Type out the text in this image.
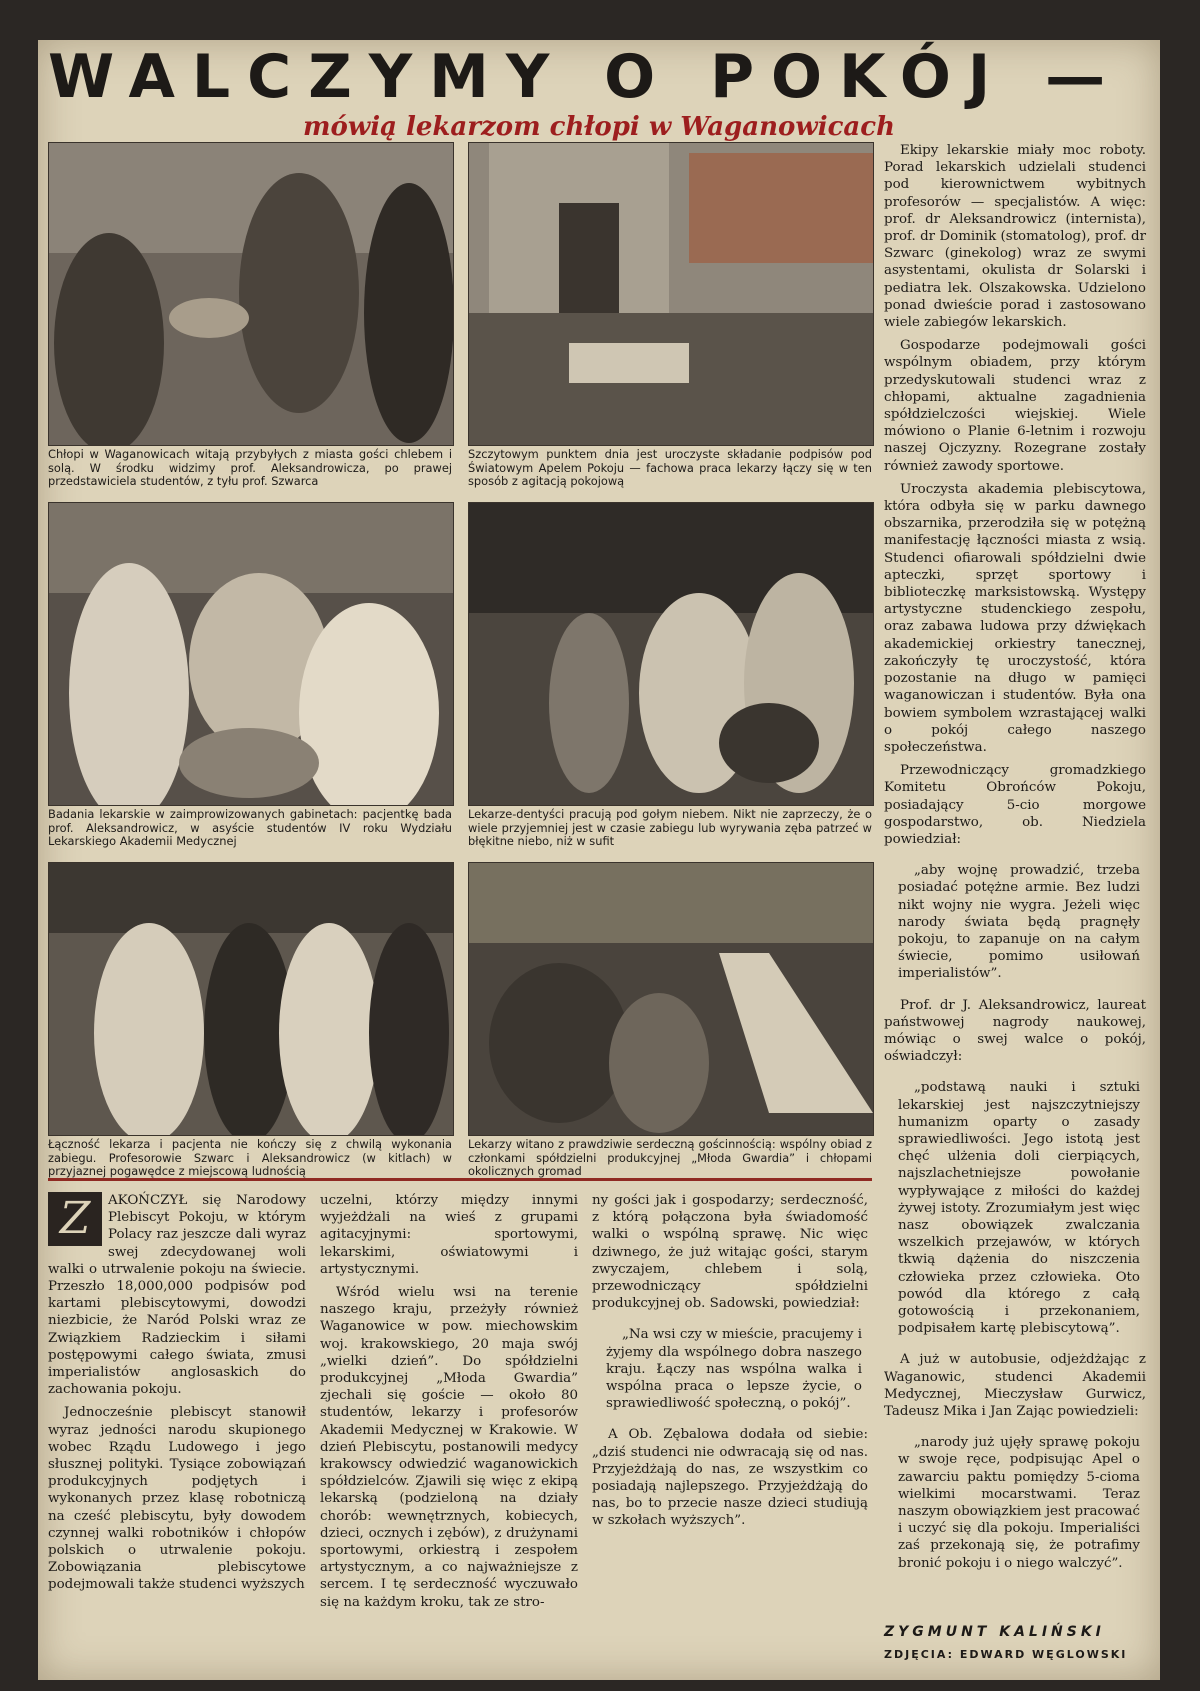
WALCZYMY O POKÓJ —
mówią lekarzom chłopi w Waganowicach
Chłopi w Waganowicach witają przybyłych z miasta gości chlebem i solą. W środku widzimy prof. Aleksandrowicza, po prawej przedstawiciela studentów, z tyłu prof. Szwarca
Szczytowym punktem dnia jest uroczyste składanie podpisów pod Światowym Apelem Pokoju — fachowa praca lekarzy łączy się w ten sposób z agitacją pokojową
Badania lekarskie w zaimprowizowanych gabinetach: pacjentkę bada prof. Aleksandrowicz, w asyście studentów IV roku Wydziału Lekarskiego Akademii Medycznej
Lekarze-dentyści pracują pod gołym niebem. Nikt nie zaprzeczy, że o wiele przyjemniej jest w czasie zabiegu lub wyrywania zęba patrzeć w błękitne niebo, niż w sufit
Łączność lekarza i pacjenta nie kończy się z chwilą wykonania zabiegu. Profesorowie Szwarc i Aleksandrowicz (w kitlach) w przyjaznej pogawędce z miejscową ludnością
Lekarzy witano z prawdziwie serdeczną gościnnością: wspólny obiad z członkami spółdzielni produkcyjnej „Młoda Gwardia” i chłopami okolicznych gromad

Ekipy lekarskie miały moc roboty. Porad lekarskich udzielali studenci pod kierownictwem wybitnych profesorów — specjalistów. A więc: prof. dr Aleksandrowicz (internista), prof. dr Dominik (stomatolog), prof. dr Szwarc (ginekolog) wraz ze swymi asystentami, okulista dr Solarski i pediatra lek. Olszakowska. Udzielono ponad dwieście porad i zastosowano wiele zabiegów lekarskich.

Gospodarze podejmowali gości wspólnym obiadem, przy którym przedyskutowali studenci wraz z chłopami, aktualne zagadnienia spółdzielczości wiejskiej. Wiele mówiono o Planie 6-letnim i rozwoju naszej Ojczyzny. Rozegrane zostały również zawody sportowe.

Uroczysta akademia plebiscytowa, która odbyła się w parku dawnego obszarnika, przerodziła się w potężną manifestację łączności miasta z wsią. Studenci ofiarowali spółdzielni dwie apteczki, sprzęt sportowy i biblioteczkę marksistowską. Występy artystyczne studenckiego zespołu, oraz zabawa ludowa przy dźwiękach akademickiej orkiestry tanecznej, zakończyły tę uroczystość, która pozostanie na długo w pamięci waganowiczan i studentów. Była ona bowiem symbolem wzrastającej walki o pokój całego naszego społeczeństwa.

Przewodniczący gromadzkiego Komitetu Obrońców Pokoju, posiadający 5-cio morgowe gospodarstwo, ob. Niedziela powiedział:

„aby wojnę prowadzić, trzeba posiadać potężne armie. Bez ludzi nikt wojny nie wygra. Jeżeli więc narody świata będą pragnęły pokoju, to zapanuje on na całym świecie, pomimo usiłowań imperialistów”.

Prof. dr J. Aleksandrowicz, laureat państwowej nagrody naukowej, mówiąc o swej walce o pokój, oświadczył:

„podstawą nauki i sztuki lekarskiej jest najszczytniejszy humanizm oparty o zasady sprawiedliwości. Jego istotą jest chęć ulżenia doli cierpiących, najszlachetniejsze powołanie wypływające z miłości do każdej żywej istoty. Zrozumiałym jest więc nasz obowiązek zwalczania wszelkich przejawów, w których tkwią dążenia do niszczenia człowieka przez człowieka. Oto powód dla którego z całą gotowością i przekonaniem, podpisałem kartę plebiscytową”.

A już w autobusie, odjeżdżając z Waganowic, studenci Akademii Medycznej, Mieczysław Gurwicz, Tadeusz Mika i Jan Zając powiedzieli:

„narody już ujęły sprawę pokoju w swoje ręce, podpisując Apel o zawarciu paktu pomiędzy 5-cioma wielkimi mocarstwami. Teraz naszym obowiązkiem jest pracować i uczyć się dla pokoju. Imperialiści zaś przekonają się, że potrafimy bronić pokoju i o niego walczyć”.

Z	AKOŃCZYŁ się Narodowy Plebiscyt Pokoju, w którym Polacy raz jeszcze dali wyraz swej zdecydowanej woli walki o utrwalenie pokoju na świecie. Przeszło 18,000,000 podpisów pod kartami plebiscytowymi, dowodzi niezbicie, że Naród Polski wraz ze Związkiem Radzieckim i siłami postępowymi całego świata, zmusi imperialistów anglosaskich do zachowania pokoju.

Jednocześnie plebiscyt stanowił wyraz jedności narodu skupionego wobec Rządu Ludowego i jego słusznej polityki. Tysiące zobowiązań produkcyjnych podjętych i wykonanych przez klasę robotniczą na cześć plebiscytu, były dowodem czynnej walki robotników i chłopów polskich o utrwalenie pokoju. Zobowiązania plebiscytowe podejmowali także studenci wyższych

uczelni, którzy między innymi wyjeżdżali na wieś z grupami agitacyjnymi: sportowymi, lekarskimi, oświatowymi i artystycznymi.

Wśród wielu wsi na terenie naszego kraju, przeżyły również Waganowice w pow. miechowskim woj. krakowskiego, 20 maja swój „wielki dzień”. Do spółdzielni produkcyjnej „Młoda Gwardia” zjechali się goście — około 80 studentów, lekarzy i profesorów Akademii Medycznej w Krakowie. W dzień Plebiscytu, postanowili medycy krakowscy odwiedzić waganowickich spółdzielców. Zjawili się więc z ekipą lekarską (podzieloną na działy chorób: wewnętrznych, kobiecych, dzieci, ocznych i zębów), z drużynami sportowymi, orkiestrą i zespołem artystycznym, a co najważniejsze z sercem. I tę serdeczność wyczuwało się na każdym kroku, tak ze stro-

ny gości jak i gospodarzy; serdeczność, z którą połączona była świadomość walki o wspólną sprawę. Nic więc dziwnego, że już witając gości, starym zwyczajem, chlebem i solą, przewodniczący spółdzielni produkcyjnej ob. Sadowski, powiedział:

„Na wsi czy w mieście, pracujemy i żyjemy dla wspólnego dobra naszego kraju. Łączy nas wspólna walka i wspólna praca o lepsze życie, o sprawiedliwość społeczną, o pokój”.

A Ob. Zębalowa dodała od siebie: „dziś studenci nie odwracają się od nas. Przyjeżdżają do nas, ze wszystkim co posiadają najlepszego. Przyjeżdżają do nas, bo to przecie nasze dzieci studiują w szkołach wyższych”.

ZYGMUNT KALIŃSKI
ZDJĘCIA: EDWARD WĘGLOWSKI
